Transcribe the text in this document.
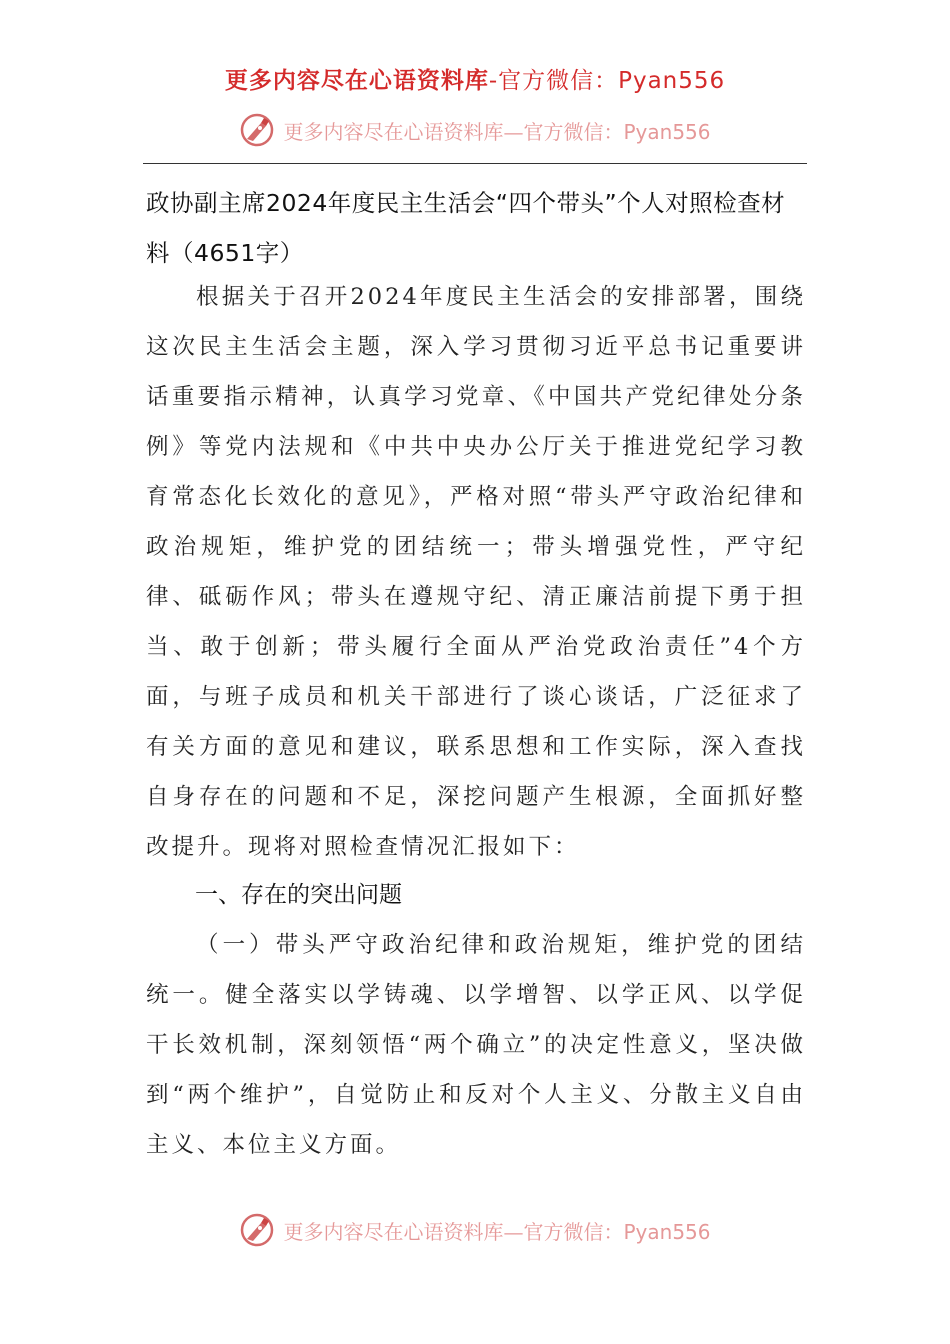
更多内容尽在心语资料库-官方微信：Pyan556
更多内容尽在心语资料库—官方微信：Pyan556
政协副主席2024年度民主生活会“四个带头”个人对照检查材料（4651字）
根据关于召开2024年度民主生活会的安排部署，围绕这次民主生活会主题，深入学习贯彻习近平总书记重要讲话重要指示精神，认真学习党章、《中国共产党纪律处分条例》等党内法规和《中共中央办公厅关于推进党纪学习教育常态化长效化的意见》，严格对照“带头严守政治纪律和政治规矩，维护党的团结统一；带头增强党性，严守纪律、砥砺作风；带头在遵规守纪、清正廉洁前提下勇于担当、敢于创新；带头履行全面从严治党政治责任”4个方面，与班子成员和机关干部进行了谈心谈话，广泛征求了有关方面的意见和建议，联系思想和工作实际，深入查找自身存在的问题和不足，深挖问题产生根源，全面抓好整改提升。现将对照检查情况汇报如下：
一、存在的突出问题
（一）带头严守政治纪律和政治规矩，维护党的团结统一。健全落实以学铸魂、以学增智、以学正风、以学促干长效机制，深刻领悟“两个确立”的决定性意义，坚决做到“两个维护”，自觉防止和反对个人主义、分散主义自由主义、本位主义方面。
更多内容尽在心语资料库—官方微信：Pyan556
